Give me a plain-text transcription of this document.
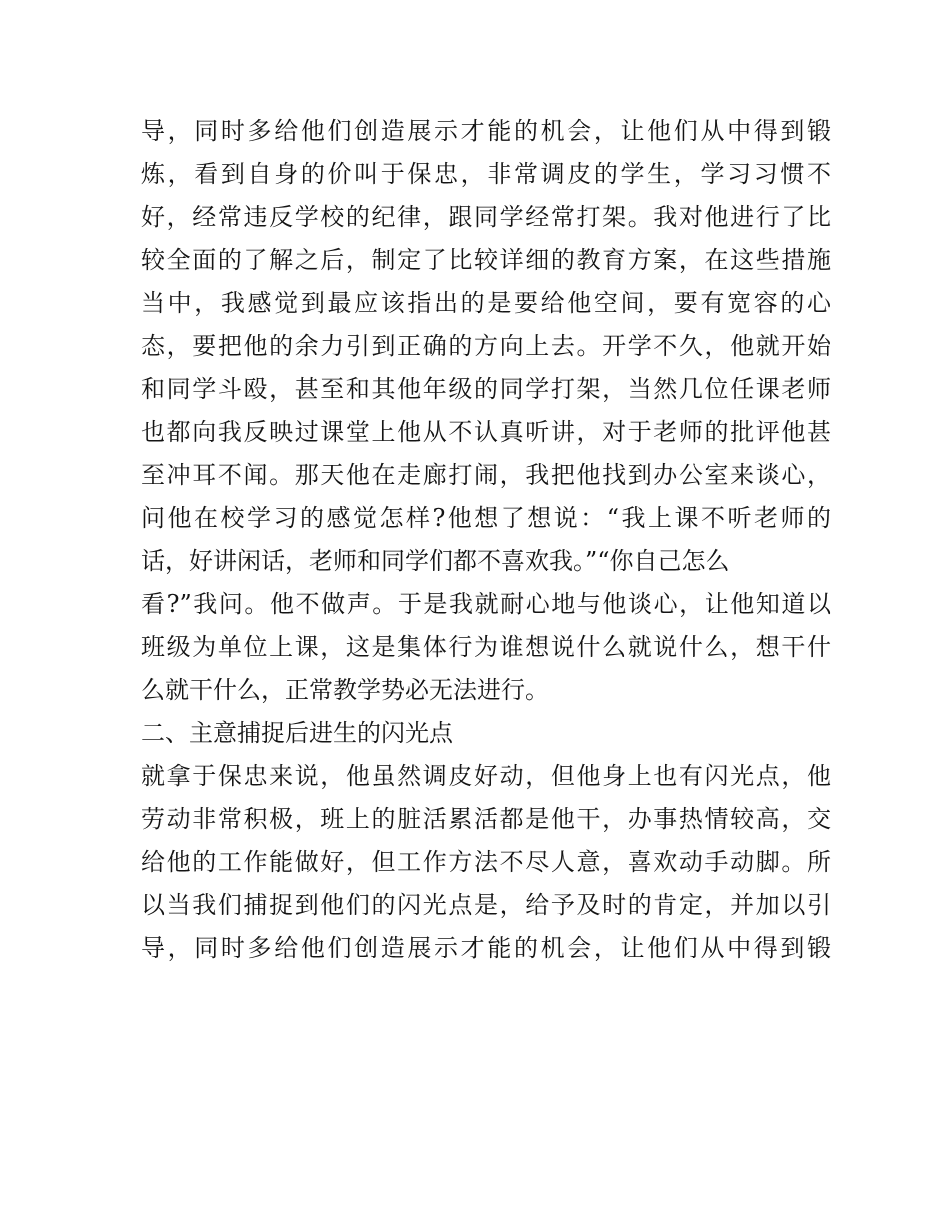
导，同时多给他们创造展示才能的机会，让他们从中得到锻
炼，看到自身的价叫于保忠，非常调皮的学生，学习习惯不
好，经常违反学校的纪律，跟同学经常打架。我对他进行了比
较全面的了解之后，制定了比较详细的教育方案，在这些措施
当中，我感觉到最应该指出的是要给他空间，要有宽容的心
态，要把他的余力引到正确的方向上去。开学不久，他就开始
和同学斗殴，甚至和其他年级的同学打架，当然几位任课老师
也都向我反映过课堂上他从不认真听讲，对于老师的批评他甚
至冲耳不闻。那天他在走廊打闹，我把他找到办公室来谈心，
问他在校学习的感觉怎样?他想了想说：“我上课不听老师的
话，好讲闲话，老师和同学们都不喜欢我。”“你自己怎么
看?”我问。他不做声。于是我就耐心地与他谈心，让他知道以
班级为单位上课，这是集体行为谁想说什么就说什么，想干什
么就干什么，正常教学势必无法进行。
二、主意捕捉后进生的闪光点
就拿于保忠来说，他虽然调皮好动，但他身上也有闪光点，他
劳动非常积极，班上的脏活累活都是他干，办事热情较高，交
给他的工作能做好，但工作方法不尽人意，喜欢动手动脚。所
以当我们捕捉到他们的闪光点是，给予及时的肯定，并加以引
导，同时多给他们创造展示才能的机会，让他们从中得到锻
